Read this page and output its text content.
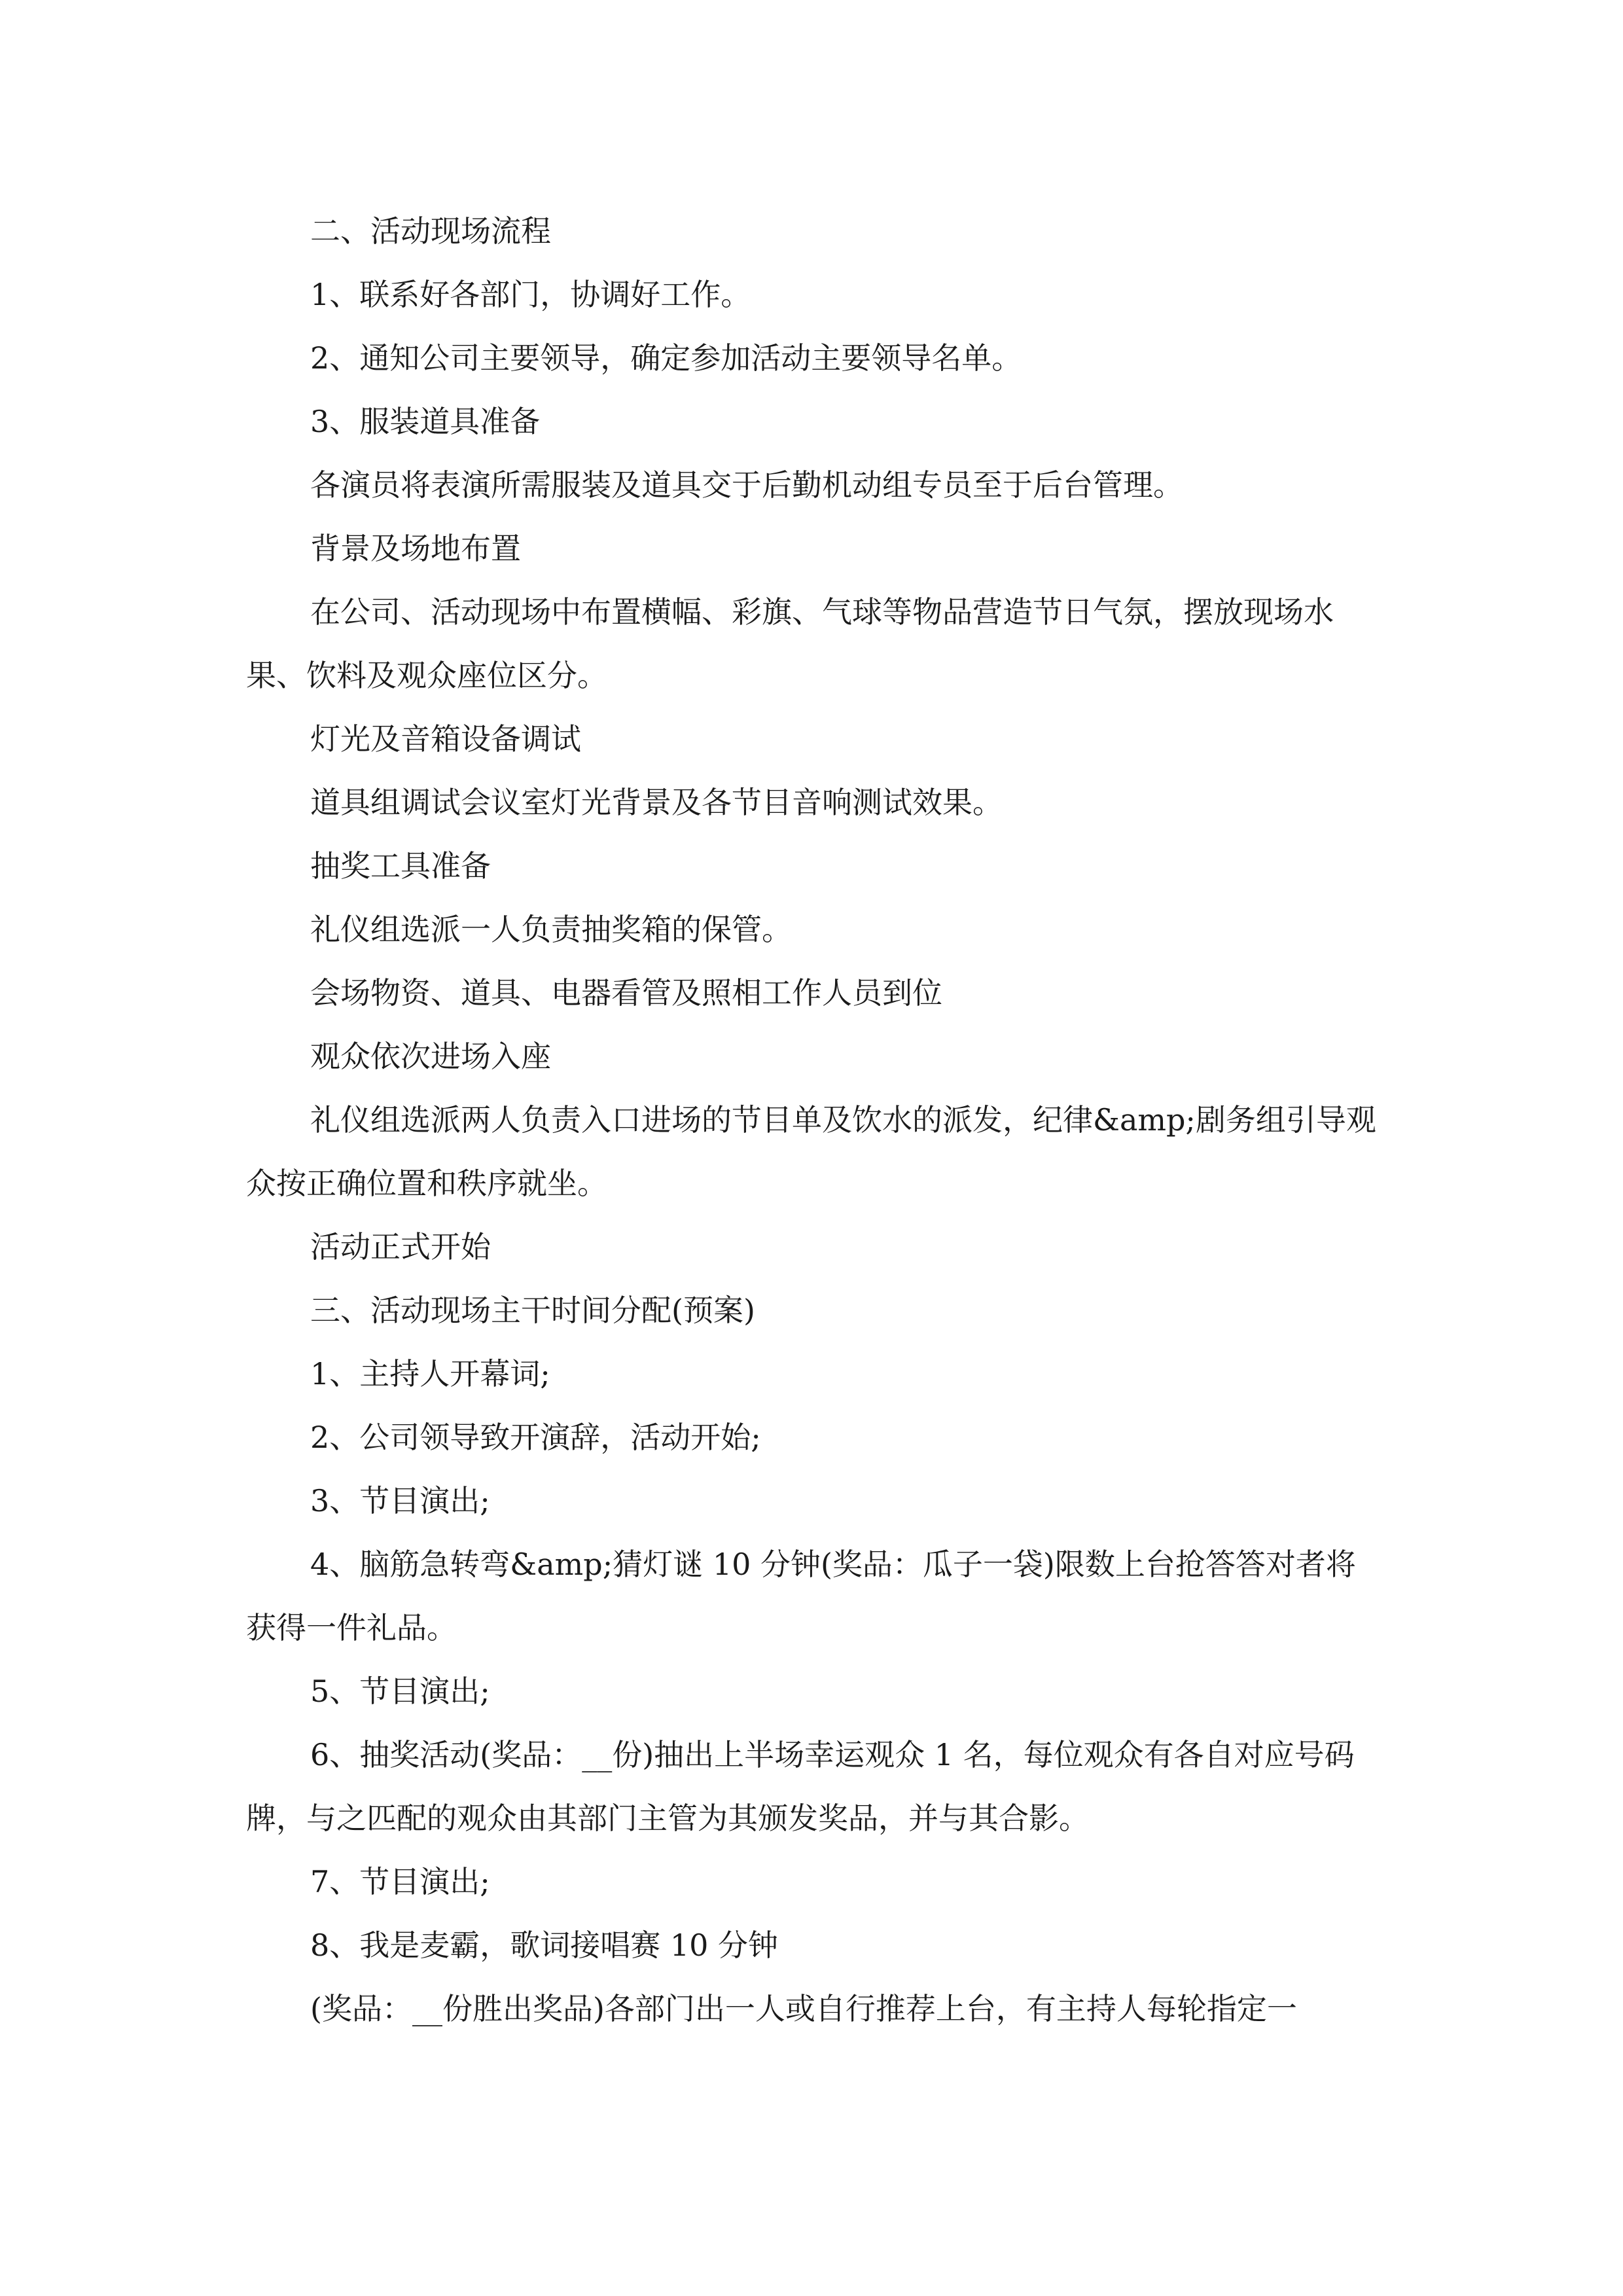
二、活动现场流程

1、联系好各部门，协调好工作。

2、通知公司主要领导，确定参加活动主要领导名单。

3、服装道具准备

各演员将表演所需服装及道具交于后勤机动组专员至于后台管理。

背景及场地布置

在公司、活动现场中布置横幅、彩旗、气球等物品营造节日气氛，摆放现场水果、饮料及观众座位区分。

灯光及音箱设备调试

道具组调试会议室灯光背景及各节目音响测试效果。

抽奖工具准备

礼仪组选派一人负责抽奖箱的保管。

会场物资、道具、电器看管及照相工作人员到位

观众依次进场入座

礼仪组选派两人负责入口进场的节目单及饮水的派发，纪律&amp;剧务组引导观众按正确位置和秩序就坐。

活动正式开始

三、活动现场主干时间分配(预案)

1、主持人开幕词;

2、公司领导致开演辞，活动开始;

3、节目演出;

4、脑筋急转弯&amp;猜灯谜 10 分钟(奖品：瓜子一袋)限数上台抢答答对者将获得一件礼品。

5、节目演出;

6、抽奖活动(奖品：__份)抽出上半场幸运观众 1 名，每位观众有各自对应号码牌，与之匹配的观众由其部门主管为其颁发奖品，并与其合影。

7、节目演出;

8、我是麦霸，歌词接唱赛 10 分钟

(奖品：__份胜出奖品)各部门出一人或自行推荐上台，有主持人每轮指定一
